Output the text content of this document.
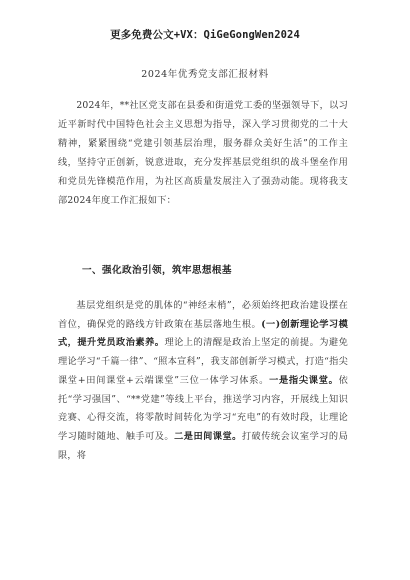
更多免费公文+VX：QiGeGongWen2024
2024年优秀党支部汇报材料

2024年，**社区党支部在县委和街道党工委的坚强领导下，以习近平新时代中国特色社会主义思想为指导，深入学习贯彻党的二十大精神，紧紧围绕“党建引领基层治理，服务群众美好生活”的工作主线，坚持守正创新，锐意进取，充分发挥基层党组织的战斗堡垒作用和党员先锋模范作用，为社区高质量发展注入了强劲动能。现将我支部2024年度工作汇报如下：

一、强化政治引领，筑牢思想根基

基层党组织是党的肌体的“神经末梢”，必须始终把政治建设摆在首位，确保党的路线方针政策在基层落地生根。(一)创新理论学习模式，提升党员政治素养。理论上的清醒是政治上坚定的前提。为避免理论学习“千篇一律”、“照本宣科”，我支部创新学习模式，打造“指尖课堂+田间课堂+云端课堂”三位一体学习体系。一是指尖课堂。依托“学习强国”、“**党建”等线上平台，推送学习内容，开展线上知识竞赛、心得交流，将零散时间转化为学习“充电”的有效时段，让理论学习随时随地、触手可及。二是田间课堂。打破传统会议室学习的局限，将
